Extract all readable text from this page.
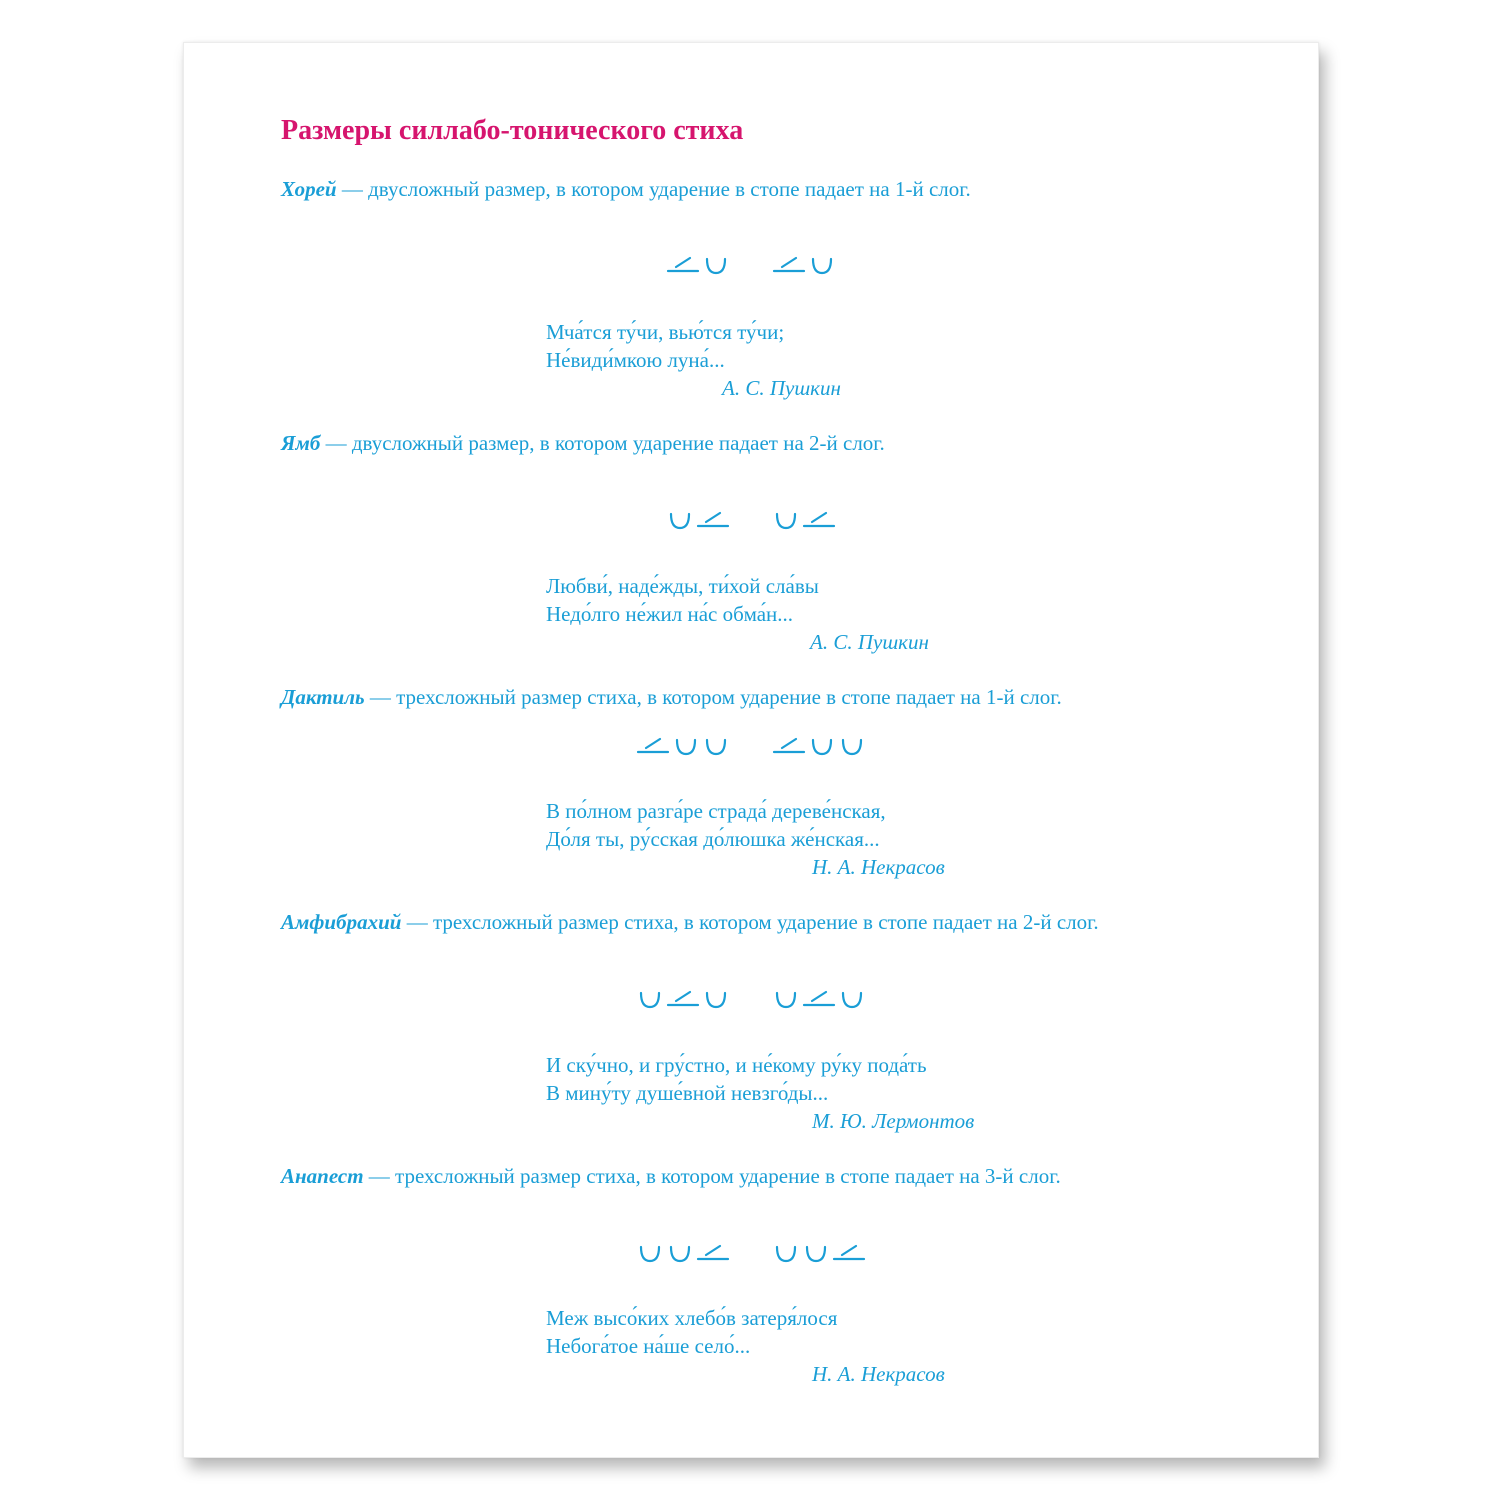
Размеры силлабо-тонического стиха

Хорей — двусложный размер, в котором ударение в стопе падает на 1-й слог.

Мча́тся ту́чи, вью́тся ту́чи;
Не́види́мкою луна́...
А. С. Пушкин

Ямб — двусложный размер, в котором ударение падает на 2-й слог.

Любви́, наде́жды, ти́хой сла́вы
Недо́лго не́жил на́с обма́н...
А. С. Пушкин

Дактиль — трехсложный размер стиха, в котором ударение в стопе падает на 1-й слог.

В по́лном разга́ре страда́ дереве́нская,
До́ля ты, ру́сская до́люшка же́нская...
Н. А. Некрасов

Амфибрахий — трехсложный размер стиха, в котором ударение в стопе падает на 2-й слог.

И ску́чно, и гру́стно, и не́кому ру́ку пода́ть
В мину́ту душе́вной невзго́ды...
М. Ю. Лермонтов

Анапест — трехсложный размер стиха, в котором ударение в стопе падает на 3-й слог.

Меж высо́ких хлебо́в затеря́лося
Небога́тое на́ше село́...
Н. А. Некрасов
